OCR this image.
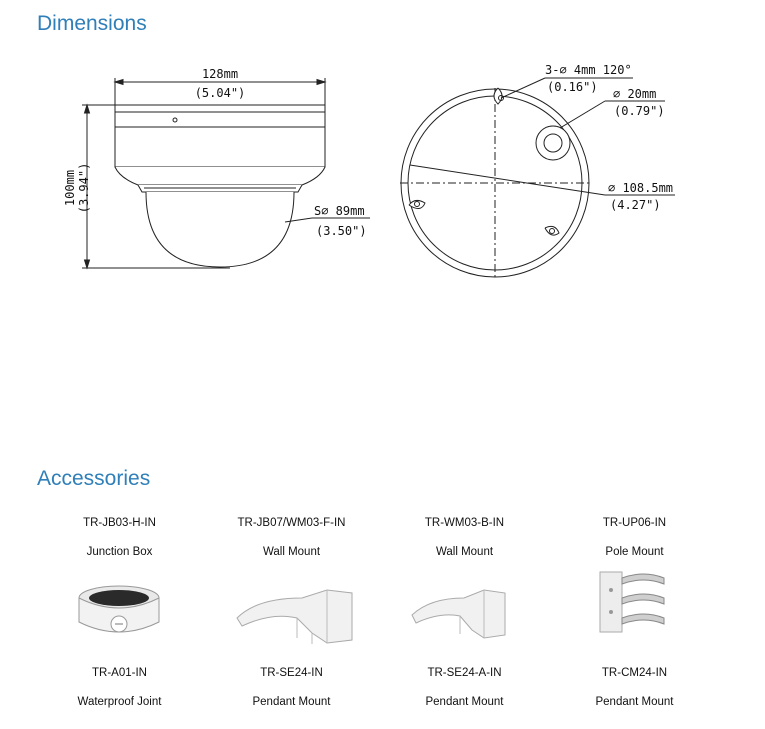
Dimensions
128mm
(5.04")
100mm (3.94")	S∅ 89mm
(3.50")
3-∅ 4mm 120°
(0.16") ∅ 20mm
(0.79")
∅ 108.5mm
(4.27")
Accessories
TR-JB03-H-IN
Junction Box
TR-A01-IN
Waterproof Joint
TR-JB07/WM03-F-IN
Wall Mount
TR-SE24-IN
Pendant Mount
TR-WM03-B-IN
Wall Mount
TR-SE24-A-IN
Pendant Mount
TR-UP06-IN
Pole Mount
TR-CM24-IN
Pendant Mount
